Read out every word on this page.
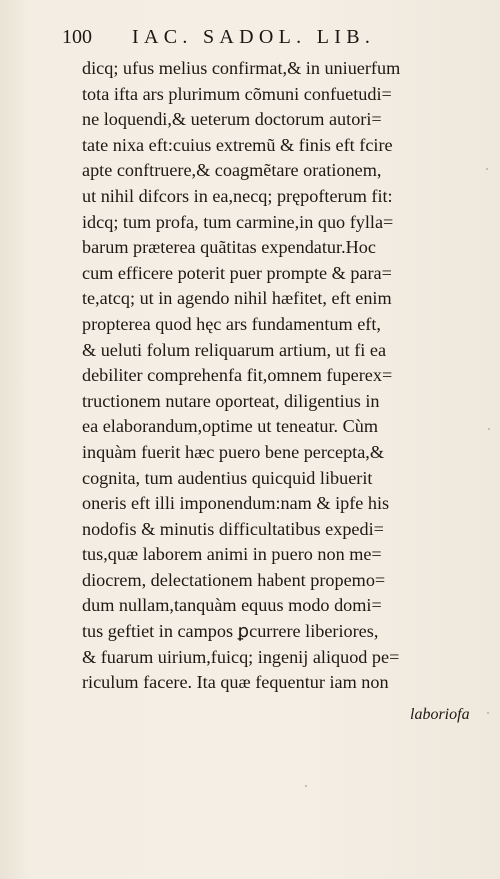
100 IAC. SADOL. LIB.
dicq; ufus melius confirmat,& in uniuerfum
tota ifta ars plurimum cõmuni confuetudi=
ne loquendi,& ueterum doctorum autori=
tate nixa eft:cuius extremũ & finis eft fcire
apte conftruere,& coagmẽtare orationem,
ut nihil difcors in ea,necq; prępofterum fit:
idcq; tum profa, tum carmine,in quo fylla=
barum præterea quãtitas expendatur.Hoc
cum efficere poterit puer prompte & para=
te,atcq; ut in agendo nihil hæfitet, eft enim
propterea quod hęc ars fundamentum eft,
& ueluti folum reliquarum artium, ut fi ea
debiliter comprehenfa fit,omnem fuperex=
tructionem nutare oporteat, diligentius in
ea elaborandum,optime ut teneatur. Cùm
inquàm fuerit hæc puero bene percepta,&
cognita, tum audentius quicquid libuerit
oneris eft illi imponendum:nam & ipfe his
nodofis & minutis difficultatibus expedi=
tus,quæ laborem animi in puero non me=
diocrem, delectationem habent propemo=
dum nullam,tanquàm equus modo domi=
tus geftiet in campos ꝑcurrere liberiores,
& fuarum uirium,fuicq; ingenij aliquod pe=
riculum facere. Ita quæ fequentur iam non
laboriofa
